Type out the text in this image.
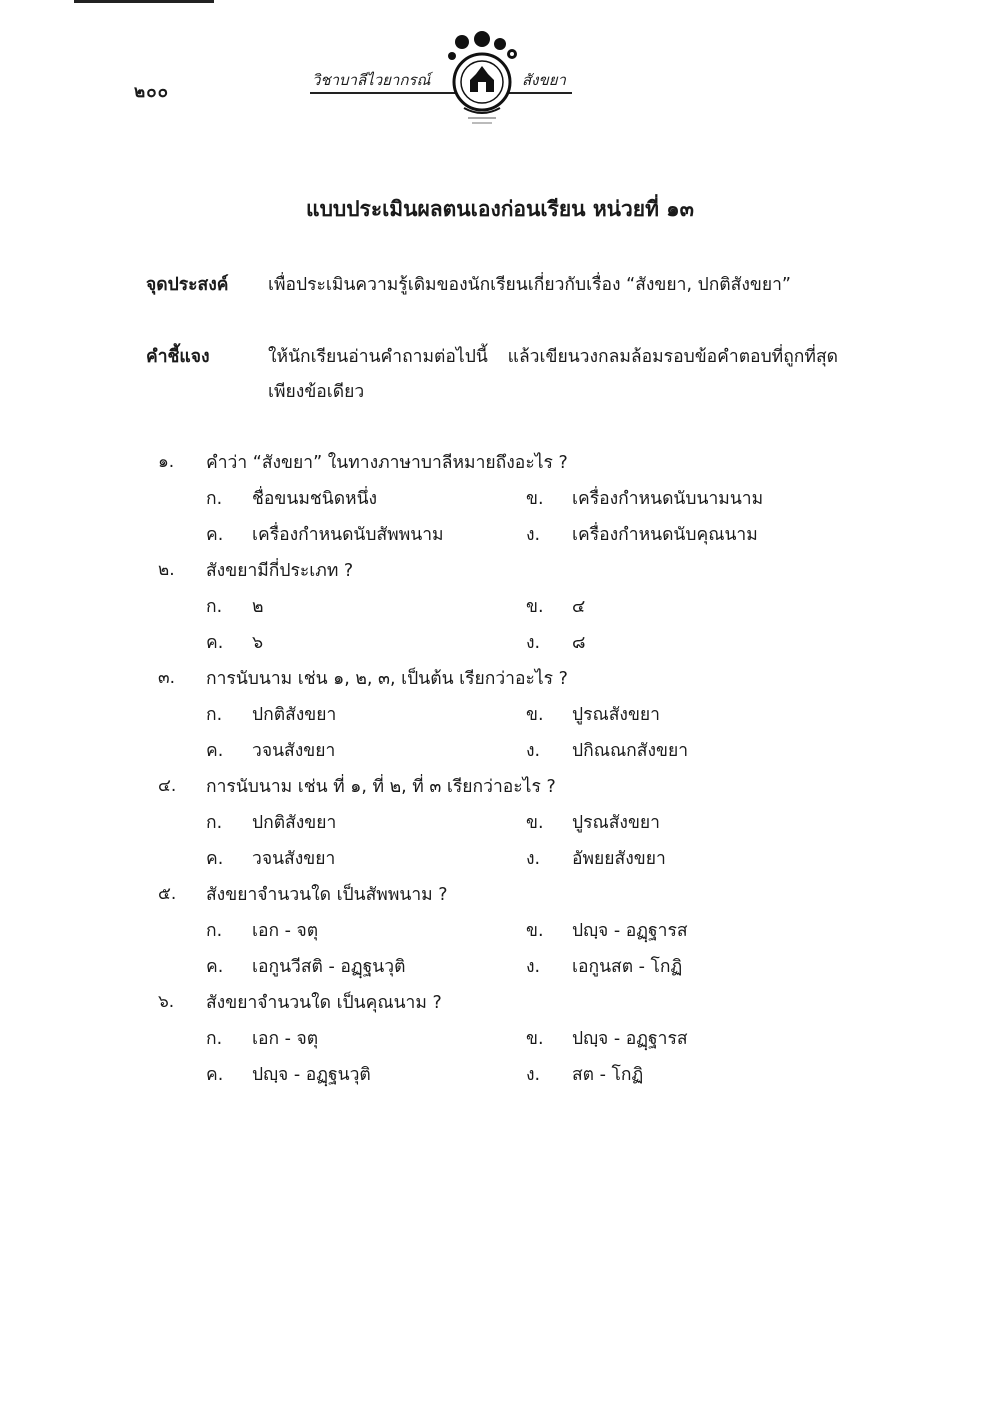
๒๐๐
วิชาบาลีไวยากรณ์	สังขยา
แบบประเมินผลตนเองก่อนเรียน หน่วยที่ ๑๓
จุดประสงค์ เพื่อประเมินความรู้เดิมของนักเรียนเกี่ยวกับเรื่อง “สังขยา, ปกติสังขยา”
คำชี้แจง	ให้นักเรียนอ่านคำถามต่อไปนี้ แล้วเขียนวงกลมล้อมรอบข้อคำตอบที่ถูกที่สุดเพียงข้อเดียว
๑. คำว่า “สังขยา” ในทางภาษาบาลีหมายถึงอะไร ?
ก. ชื่อขนมชนิดหนึ่ง	ข. เครื่องกำหนดนับนามนาม
ค. เครื่องกำหนดนับสัพพนาม	ง. เครื่องกำหนดนับคุณนาม
๒. สังขยามีกี่ประเภท ?
ก. ๒	ข. ๔
ค. ๖	ง. ๘
๓. การนับนาม เช่น ๑, ๒, ๓, เป็นต้น เรียกว่าอะไร ?
ก. ปกติสังขยา	ข. ปูรณสังขยา
ค. วจนสังขยา	ง. ปกิณณกสังขยา
๔. การนับนาม เช่น ที่ ๑, ที่ ๒, ที่ ๓ เรียกว่าอะไร ?
ก. ปกติสังขยา	ข. ปูรณสังขยา
ค. วจนสังขยา	ง. อัพยยสังขยา
๕. สังขยาจำนวนใด เป็นสัพพนาม ?
ก. เอก - จตุ	ข. ปญฺจ - อฏฺฐารส
ค. เอกูนวีสติ - อฏฺฐนวุติ	ง. เอกูนสต - โกฏิ
๖. สังขยาจำนวนใด เป็นคุณนาม ?
ก. เอก - จตุ	ข. ปญฺจ - อฏฺฐารส
ค. ปญฺจ - อฏฺฐนวุติ	ง. สต - โกฏิ
